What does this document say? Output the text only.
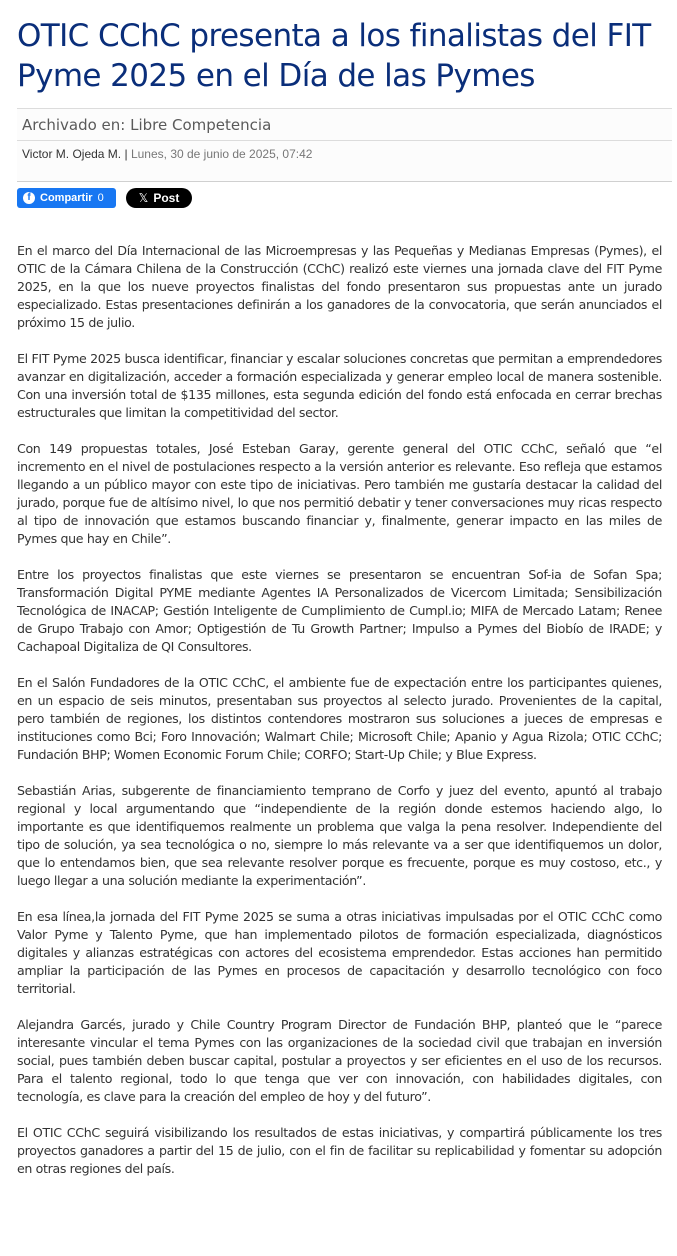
OTIC CChC presenta a los finalistas del FIT Pyme 2025 en el Día de las Pymes
Archivado en: Libre Competencia
Victor M. Ojeda M. | Lunes, 30 de junio de 2025, 07:42
f Compartir 0	𝕏 Post

En el marco del Día Internacional de las Microempresas y las Pequeñas y Medianas Empresas (Pymes), el OTIC de la Cámara Chilena de la Construcción (CChC) realizó este viernes una jornada clave del FIT Pyme 2025, en la que los nueve proyectos finalistas del fondo presentaron sus propuestas ante un jurado especializado. Estas presentaciones definirán a los ganadores de la convocatoria, que serán anunciados el próximo 15 de julio.

El FIT Pyme 2025 busca identificar, financiar y escalar soluciones concretas que permitan a emprendedores avanzar en digitalización, acceder a formación especializada y generar empleo local de manera sostenible. Con una inversión total de $135 millones, esta segunda edición del fondo está enfocada en cerrar brechas estructurales que limitan la competitividad del sector.

Con 149 propuestas totales, José Esteban Garay, gerente general del OTIC CChC, señaló que “el incremento en el nivel de postulaciones respecto a la versión anterior es relevante. Eso refleja que estamos llegando a un público mayor con este tipo de iniciativas. Pero también me gustaría destacar la calidad del jurado, porque fue de altísimo nivel, lo que nos permitió debatir y tener conversaciones muy ricas respecto al tipo de innovación que estamos buscando financiar y, finalmente, generar impacto en las miles de Pymes que hay en Chile”.

Entre los proyectos finalistas que este viernes se presentaron se encuentran Sof-ia de Sofan Spa; Transformación Digital PYME mediante Agentes IA Personalizados de Vicercom Limitada; Sensibilización Tecnológica de INACAP; Gestión Inteligente de Cumplimiento de Cumpl.io; MIFA de Mercado Latam; Renee de Grupo Trabajo con Amor; Optigestión de Tu Growth Partner; Impulso a Pymes del Biobío de IRADE; y Cachapoal Digitaliza de QI Consultores.

En el Salón Fundadores de la OTIC CChC, el ambiente fue de expectación entre los participantes quienes, en un espacio de seis minutos, presentaban sus proyectos al selecto jurado. Provenientes de la capital, pero también de regiones, los distintos contendores mostraron sus soluciones a jueces de empresas e instituciones como Bci; Foro Innovación; Walmart Chile; Microsoft Chile; Apanio y Agua Rizola; OTIC CChC; Fundación BHP; Women Economic Forum Chile; CORFO; Start-Up Chile; y Blue Express.

Sebastián Arias, subgerente de financiamiento temprano de Corfo y juez del evento, apuntó al trabajo regional y local argumentando que “independiente de la región donde estemos haciendo algo, lo importante es que identifiquemos realmente un problema que valga la pena resolver. Independiente del tipo de solución, ya sea tecnológica o no, siempre lo más relevante va a ser que identifiquemos un dolor, que lo entendamos bien, que sea relevante resolver porque es frecuente, porque es muy costoso, etc., y luego llegar a una solución mediante la experimentación”.

En esa línea,la jornada del FIT Pyme 2025 se suma a otras iniciativas impulsadas por el OTIC CChC como Valor Pyme y Talento Pyme, que han implementado pilotos de formación especializada, diagnósticos digitales y alianzas estratégicas con actores del ecosistema emprendedor. Estas acciones han permitido ampliar la participación de las Pymes en procesos de capacitación y desarrollo tecnológico con foco territorial.

Alejandra Garcés, jurado y Chile Country Program Director de Fundación BHP, planteó que le “parece interesante vincular el tema Pymes con las organizaciones de la sociedad civil que trabajan en inversión social, pues también deben buscar capital, postular a proyectos y ser eficientes en el uso de los recursos. Para el talento regional, todo lo que tenga que ver con innovación, con habilidades digitales, con tecnología, es clave para la creación del empleo de hoy y del futuro”.

El OTIC CChC seguirá visibilizando los resultados de estas iniciativas, y compartirá públicamente los tres proyectos ganadores a partir del 15 de julio, con el fin de facilitar su replicabilidad y fomentar su adopción en otras regiones del país.
